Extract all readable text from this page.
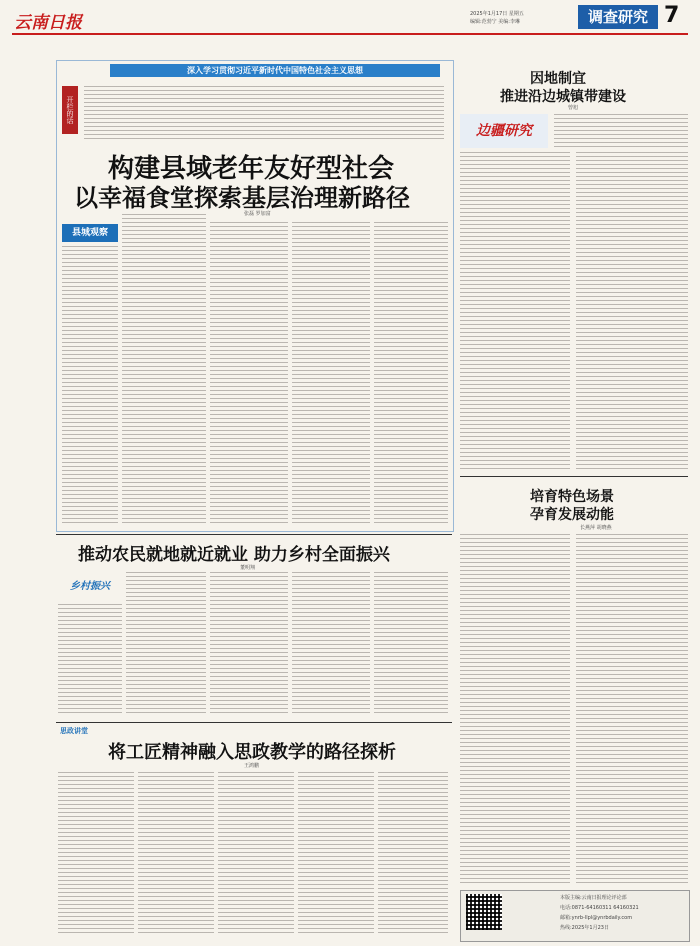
云南日报	2025年1月17日 星期五
编辑:范勃宁 美编:李琳	调查研究 7
深入学习贯彻习近平新时代中国特色社会主义思想
开栏的话
构建县域老年友好型社会
以幸福食堂探索基层治理新路径
张磊 罗加富
县城观察
因地制宜
推进沿边城镇带建设
曾旭
边疆研究
培育特色场景
孕育发展动能
长燕萍 胡晓燕
推动农民就地就近就业 助力乡村全面振兴
董明翔
乡村振兴
思政讲堂
将工匠精神融入思政教学的路径探析
王鸿鹏
本版主编:云南日报理论评论部
电话:0871-64160311 64160321
邮箱:ynrb-llpl@ynrbdaily.com
热线:2025年1月23日
